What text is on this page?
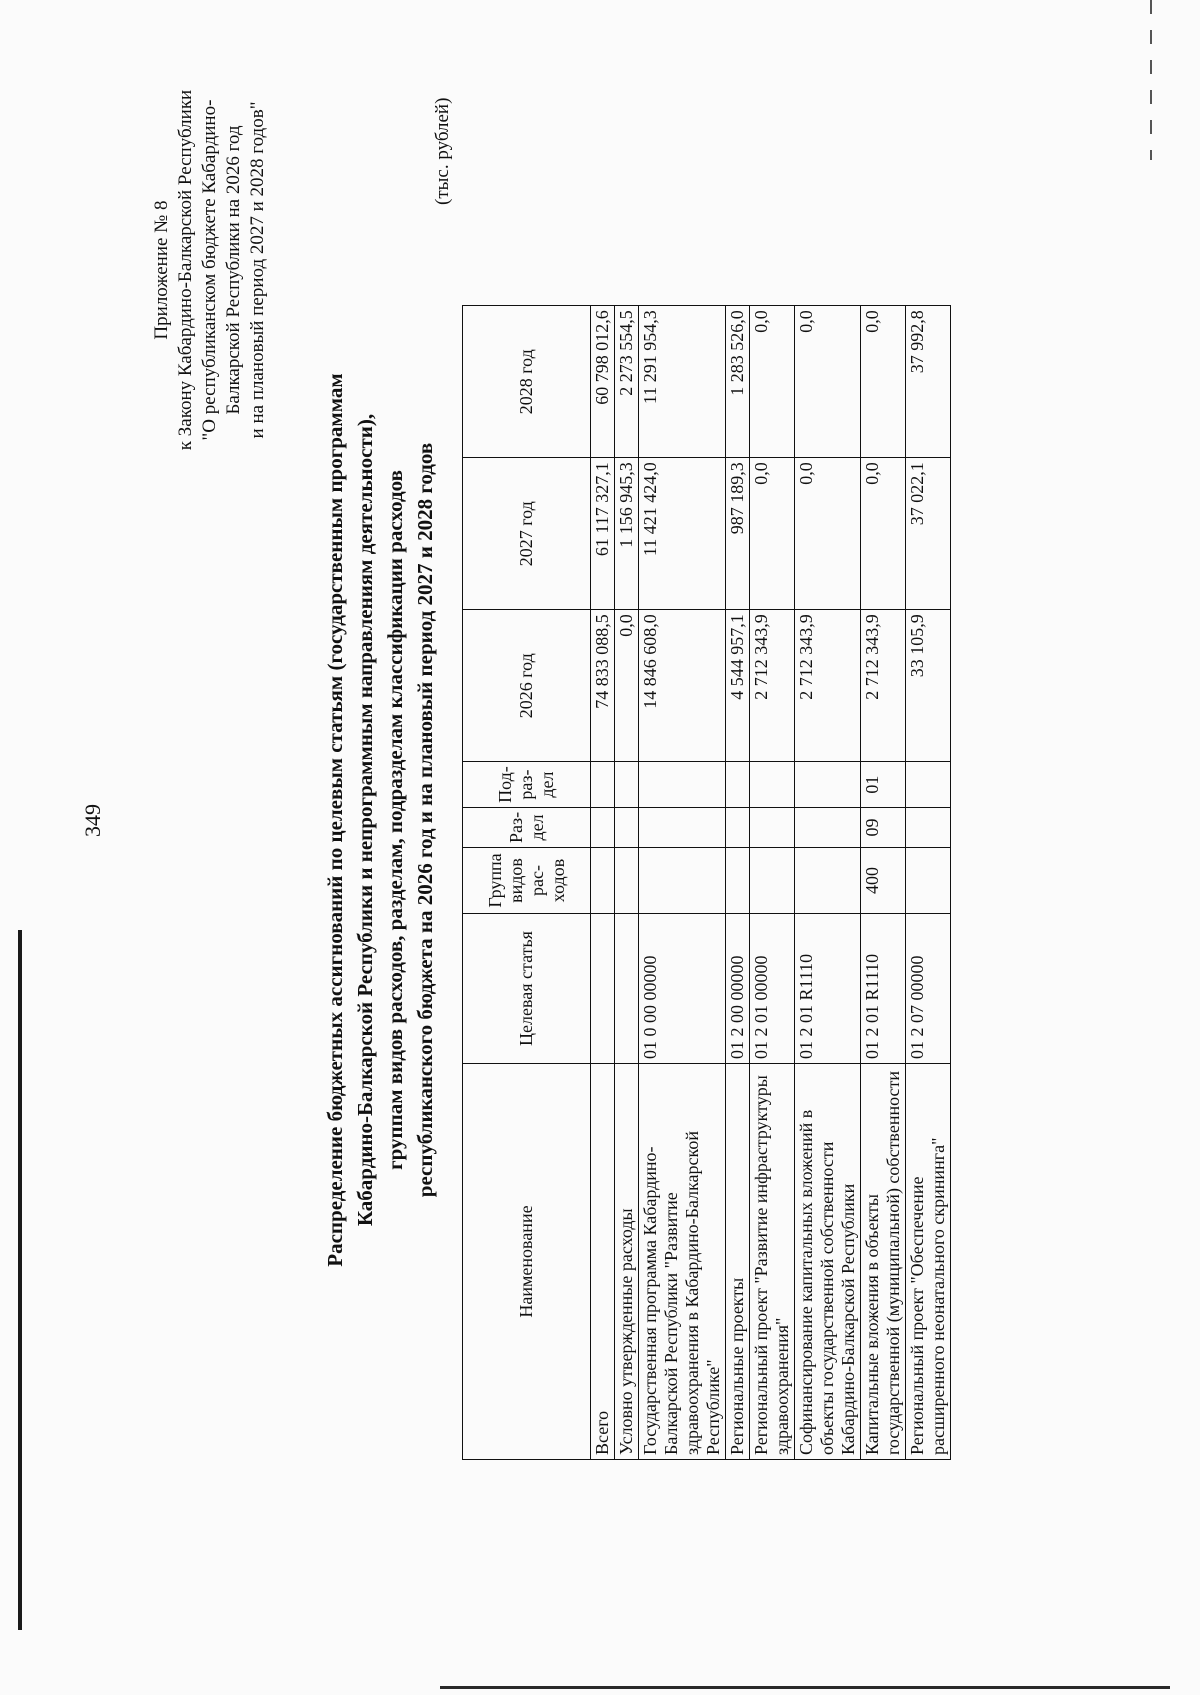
349
Приложение № 8 к Закону Кабардино-Балкарской Республики "О республиканском бюджете Кабардино- Балкарской Республики на 2026 год и на плановый период 2027 и 2028 годов"
Распределение бюджетных ассигнований по целевым статьям (государственным программам Кабардино-Балкарской Республики и непрограммным направлениям деятельности), группам видов расходов, разделам, подразделам классификации расходов республиканского бюджета на 2026 год и на плановый период 2027 и 2028 годов
(тыс. рублей)
Наименование	Целевая статья	Группа видов рас- ходов	Раз- дел	Под- раз- дел	2026 год	2027 год	2028 год
Всего					74 833 088,5	61 117 327,1	60 798 012,6
Условно утвержденные расходы					0,0	1 156 945,3	2 273 554,5
Государственная программа Кабардино-Балкарской Республики "Развитие здравоохранения в Кабардино-Балкарской Республике"	01 0 00 00000				14 846 608,0	11 421 424,0	11 291 954,3
Региональные проекты	01 2 00 00000				4 544 957,1	987 189,3	1 283 526,0
Региональный проект "Развитие инфраструктуры здравоохранения"	01 2 01 00000				2 712 343,9	0,0	0,0
Софинансирование капитальных вложений в объекты государственной собственности Кабардино-Балкарской Республики	01 2 01 R1110				2 712 343,9	0,0	0,0
Капитальные вложения в объекты государственной (муниципальной) собственности	01 2 01 R1110	400	09	01	2 712 343,9	0,0	0,0
Региональный проект "Обеспечение расширенного неонатального скрининга"	01 2 07 00000				33 105,9	37 022,1	37 992,8
